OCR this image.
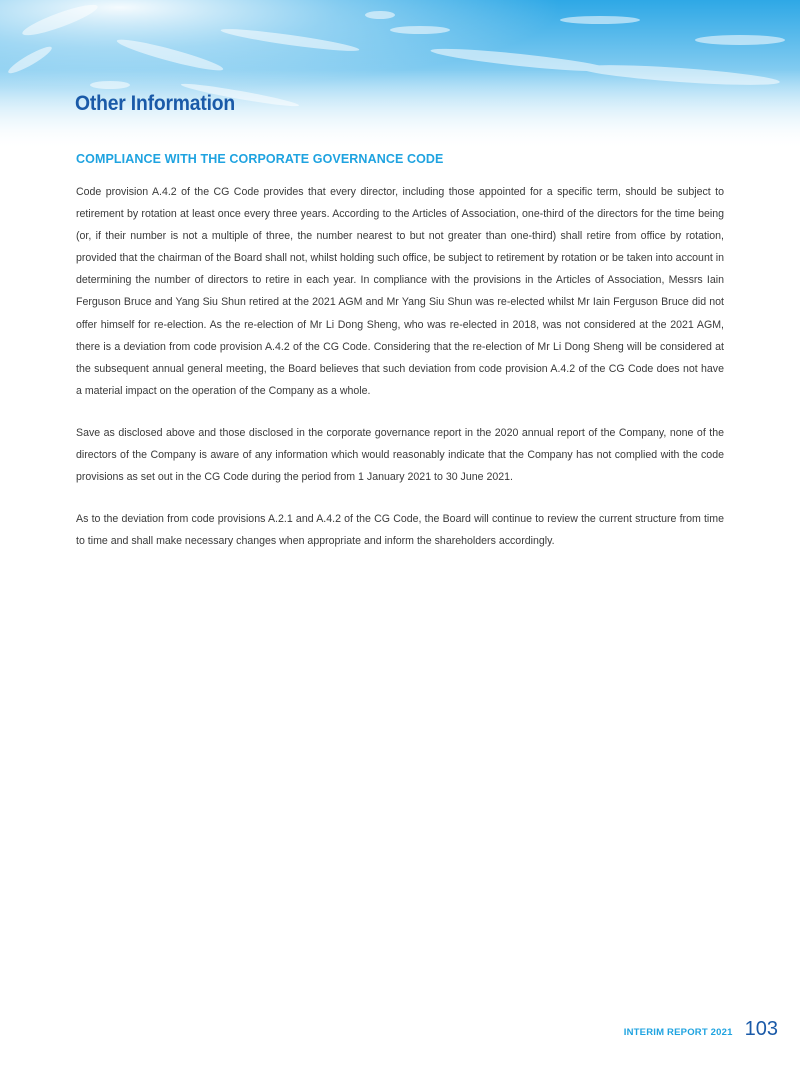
Other Information
COMPLIANCE WITH THE CORPORATE GOVERNANCE CODE

Code provision A.4.2 of the CG Code provides that every director, including those appointed for a specific term, should be subject to retirement by rotation at least once every three years. According to the Articles of Association, one-third of the directors for the time being (or, if their number is not a multiple of three, the number nearest to but not greater than one-third) shall retire from office by rotation, provided that the chairman of the Board shall not, whilst holding such office, be subject to retirement by rotation or be taken into account in determining the number of directors to retire in each year. In compliance with the provisions in the Articles of Association, Messrs Iain Ferguson Bruce and Yang Siu Shun retired at the 2021 AGM and Mr Yang Siu Shun was re-elected whilst Mr Iain Ferguson Bruce did not offer himself for re-election. As the re-election of Mr Li Dong Sheng, who was re-elected in 2018, was not considered at the 2021 AGM, there is a deviation from code provision A.4.2 of the CG Code. Considering that the re-election of Mr Li Dong Sheng will be considered at the subsequent annual general meeting, the Board believes that such deviation from code provision A.4.2 of the CG Code does not have a material impact on the operation of the Company as a whole.

Save as disclosed above and those disclosed in the corporate governance report in the 2020 annual report of the Company, none of the directors of the Company is aware of any information which would reasonably indicate that the Company has not complied with the code provisions as set out in the CG Code during the period from 1 January 2021 to 30 June 2021.

As to the deviation from code provisions A.2.1 and A.4.2 of the CG Code, the Board will continue to review the current structure from time to time and shall make necessary changes when appropriate and inform the shareholders accordingly.

INTERIM REPORT 2021 103
